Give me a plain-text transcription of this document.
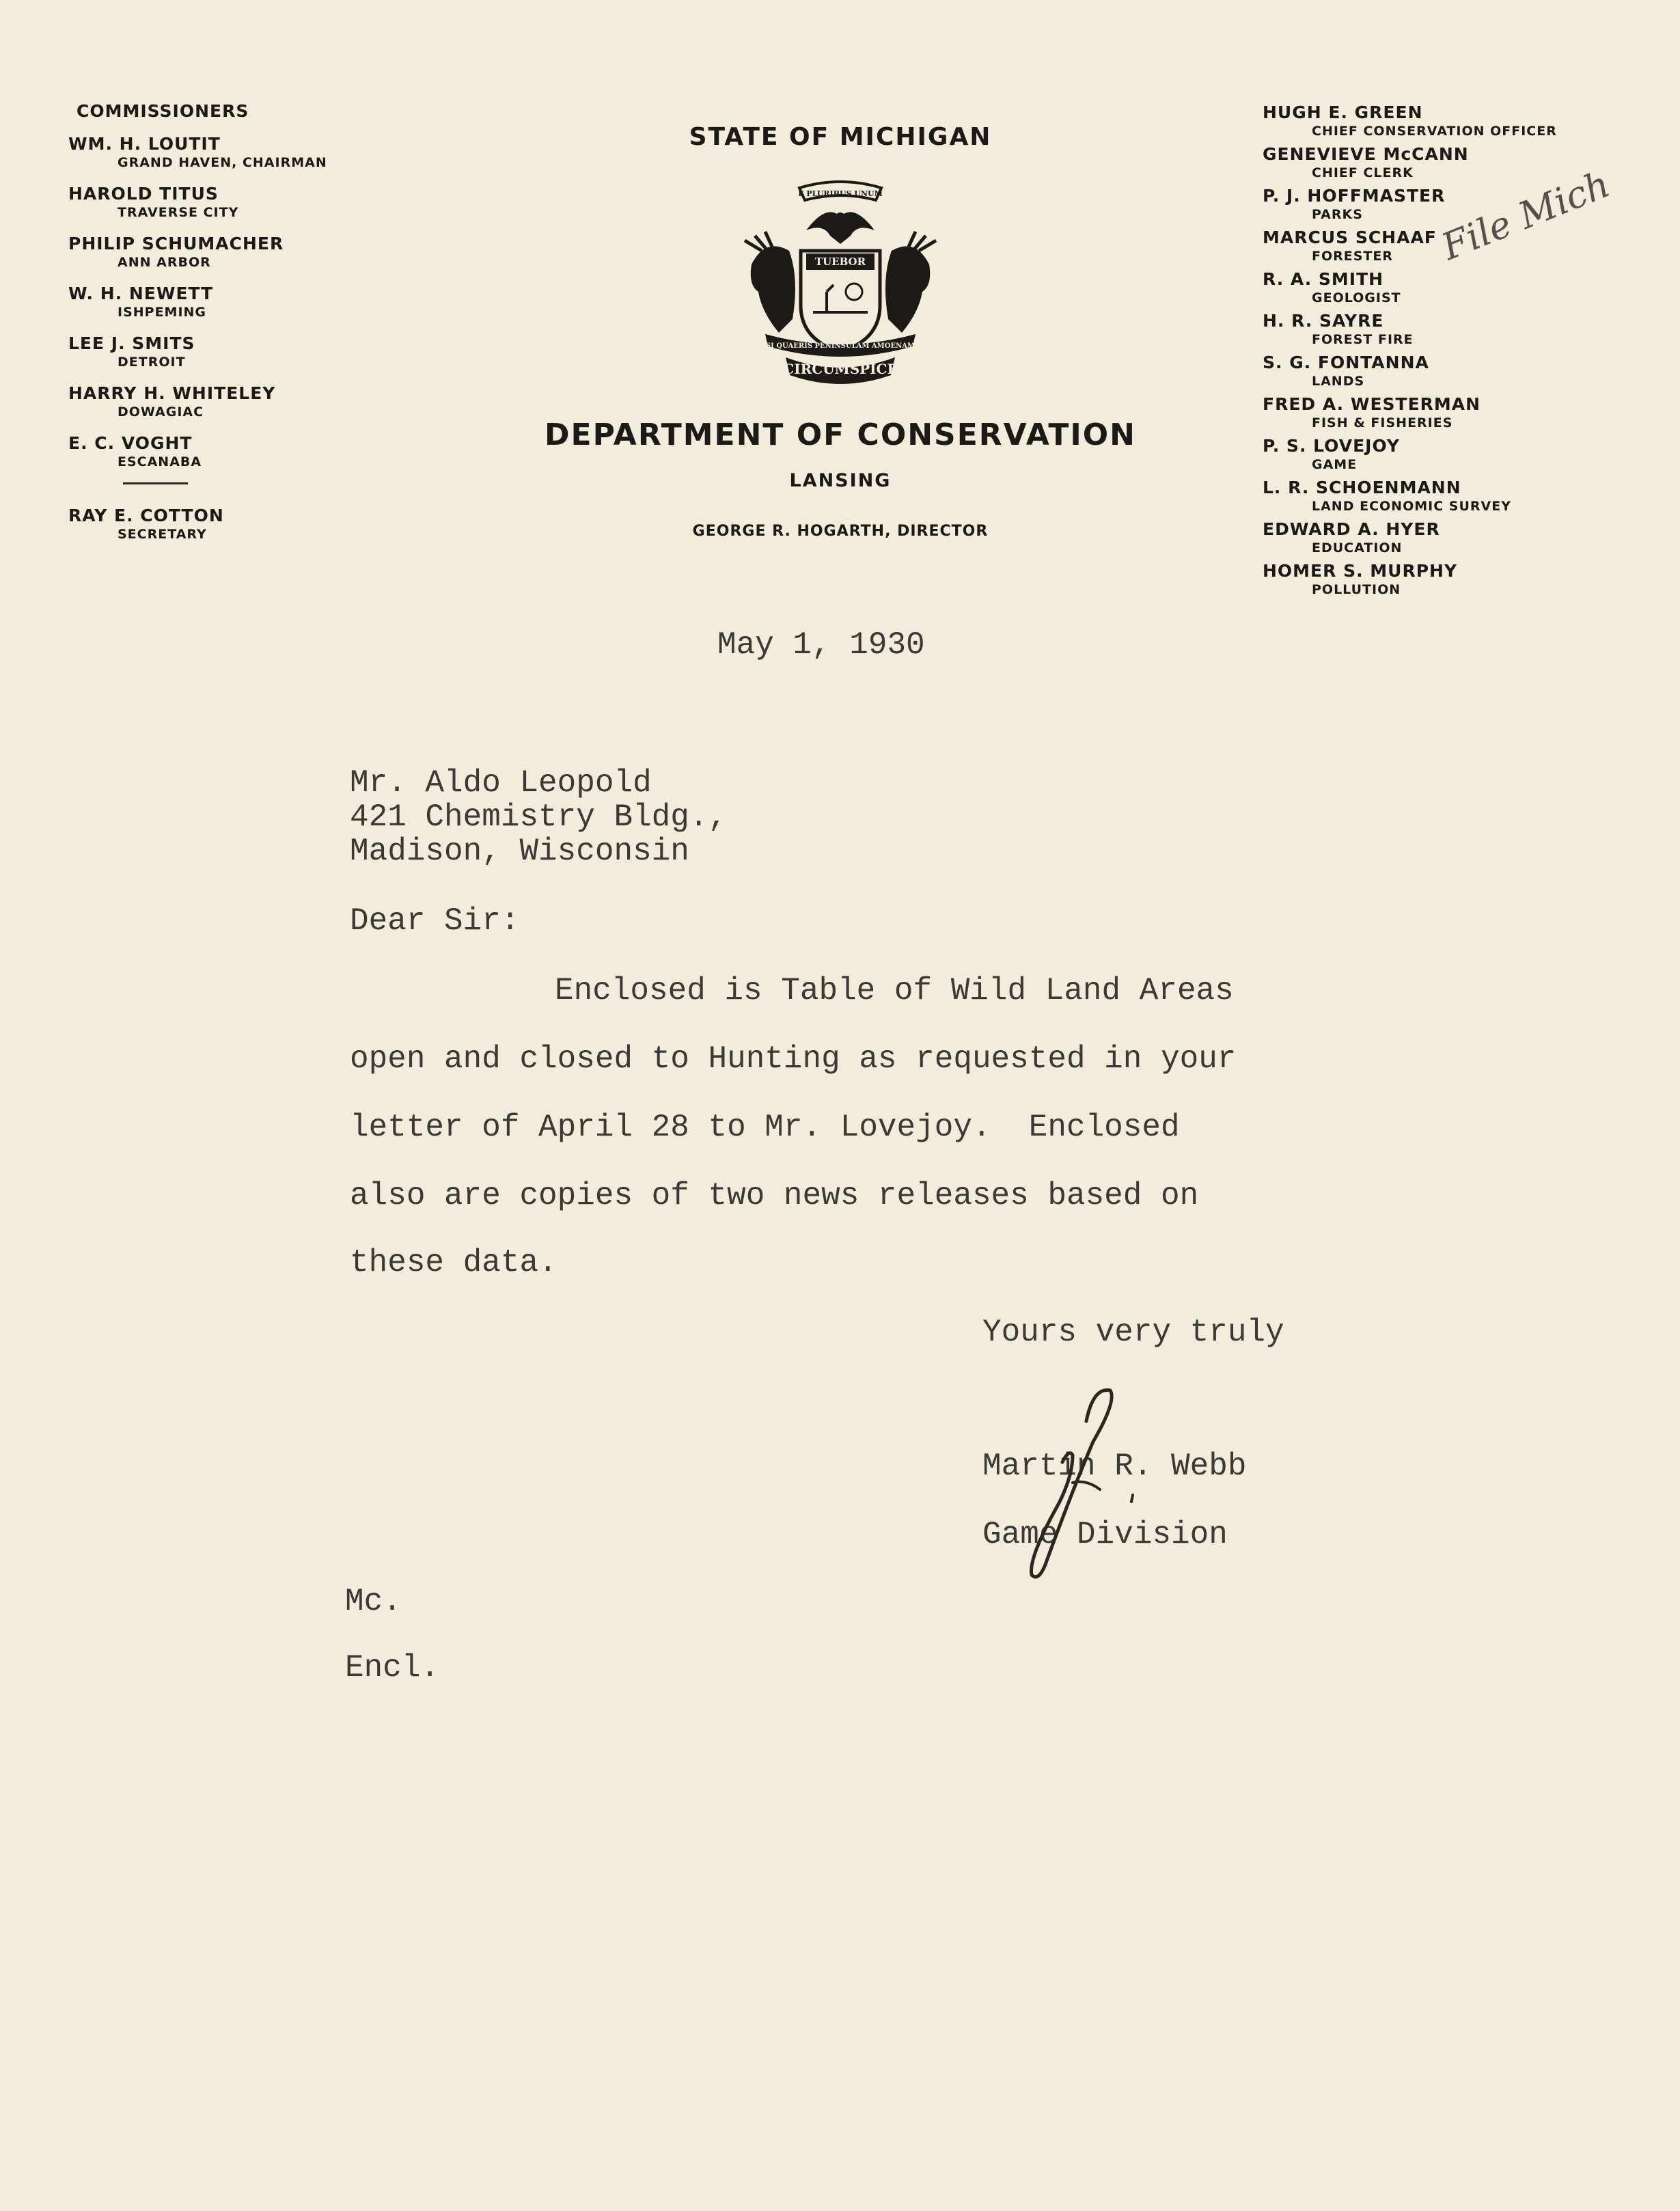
COMMISSIONERS
WM. H. LOUTIT
GRAND HAVEN, CHAIRMAN
HAROLD TITUS
TRAVERSE CITY
PHILIP SCHUMACHER
ANN ARBOR
W. H. NEWETT
ISHPEMING
LEE J. SMITS
DETROIT
HARRY H. WHITELEY
DOWAGIAC
E. C. VOGHT
ESCANABA
RAY E. COTTON
SECRETARY
STATE OF MICHIGAN
E PLURIBUS UNUM
TUEBOR
SI QUAERIS PENINSULAM AMOENAM
CIRCUMSPICE
DEPARTMENT OF CONSERVATION
LANSING
GEORGE R. HOGARTH, DIRECTOR
HUGH E. GREEN
CHIEF CONSERVATION OFFICER
GENEVIEVE McCANN
CHIEF CLERK
P. J. HOFFMASTER
PARKS
MARCUS SCHAAF
FORESTER
R. A. SMITH
GEOLOGIST
H. R. SAYRE
FOREST FIRE
S. G. FONTANNA
LANDS
FRED A. WESTERMAN
FISH & FISHERIES
P. S. LOVEJOY
GAME
L. R. SCHOENMANN
LAND ECONOMIC SURVEY
EDWARD A. HYER
EDUCATION
HOMER S. MURPHY
POLLUTION
File Mich
May 1, 1930
Mr. Aldo Leopold
421 Chemistry Bldg.,
Madison, Wisconsin
Dear Sir:
Enclosed is Table of Wild Land Areas
open and closed to Hunting as requested in your
letter of April 28 to Mr. Lovejoy.  Enclosed
also are copies of two news releases based on
these data.
Yours very truly
Martin R. Webb
Game Division
Mc.
Encl.
